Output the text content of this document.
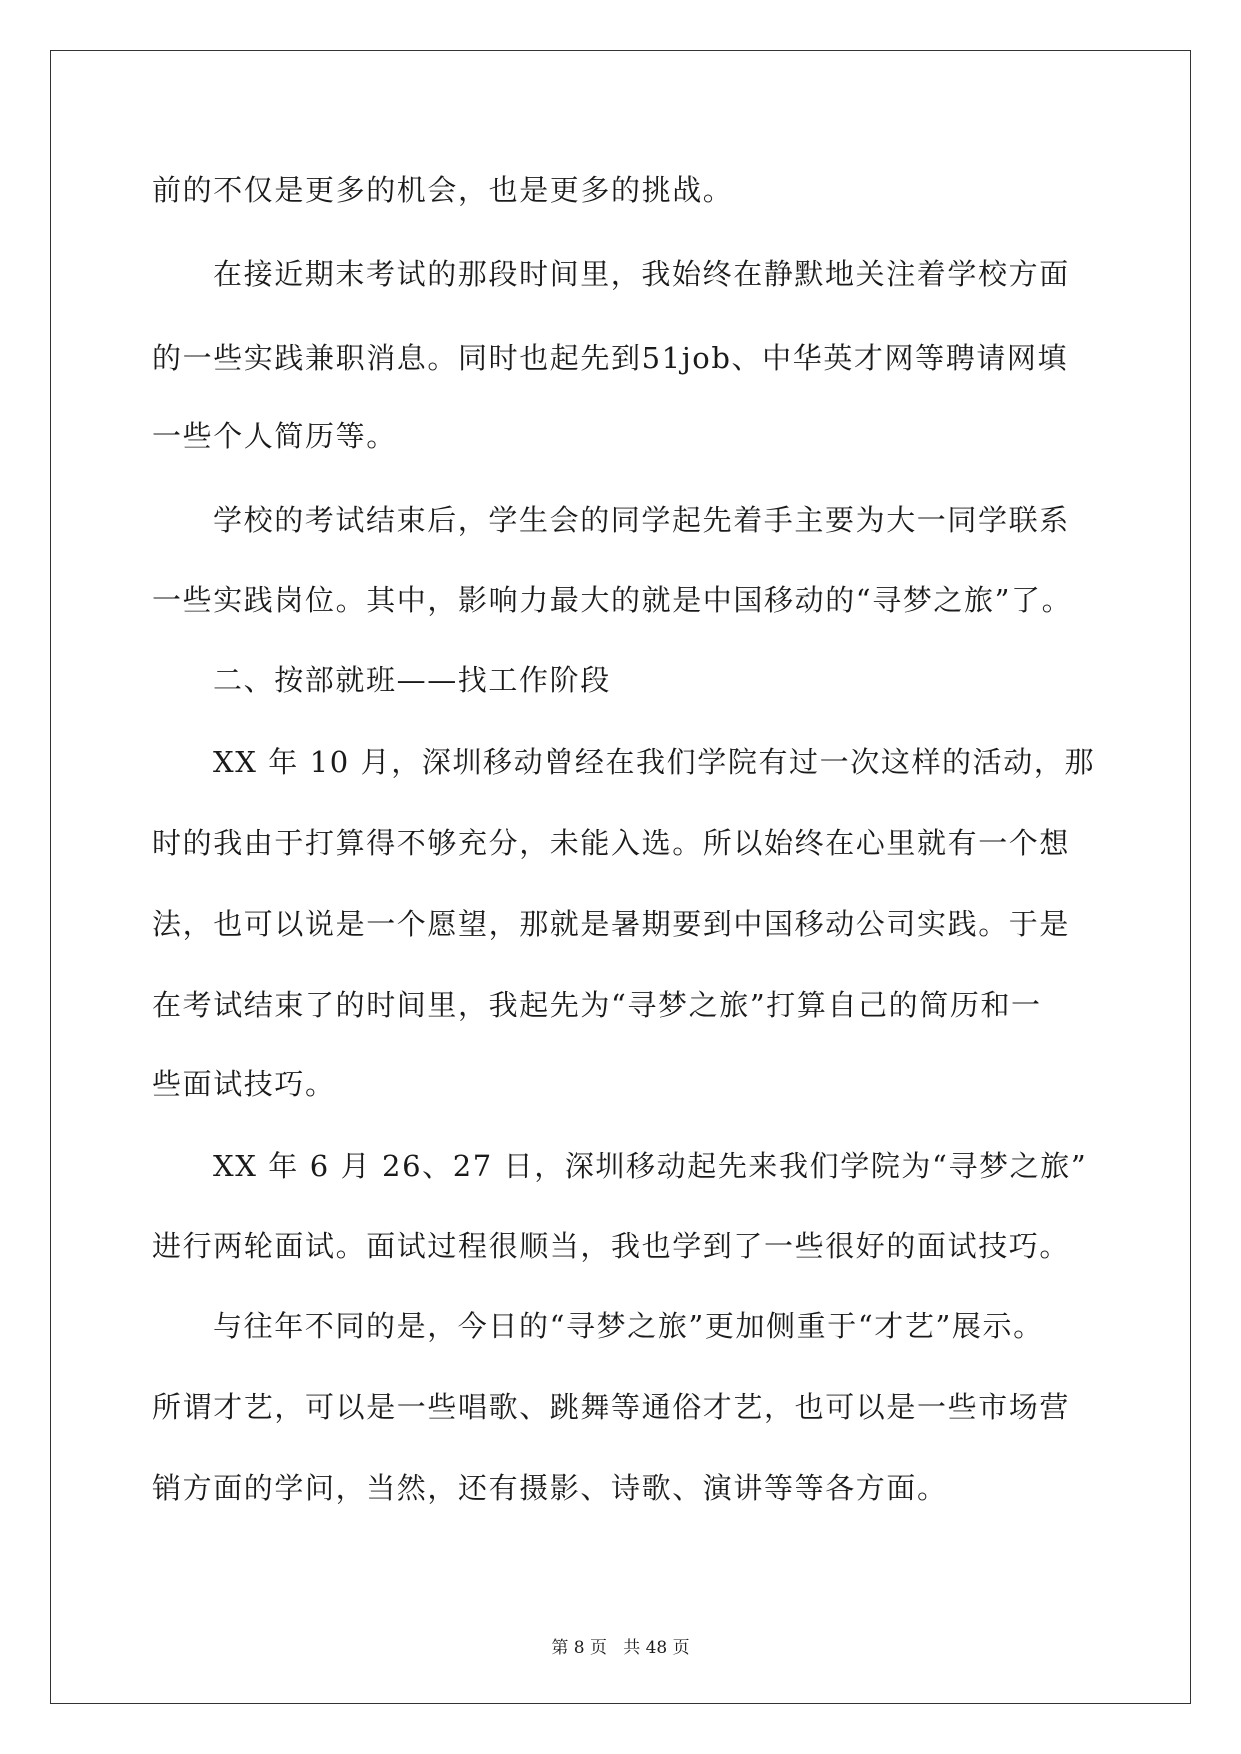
前的不仅是更多的机会，也是更多的挑战。

在接近期末考试的那段时间里，我始终在静默地关注着学校方面

的一些实践兼职消息。同时也起先到51job、中华英才网等聘请网填

一些个人简历等。

学校的考试结束后，学生会的同学起先着手主要为大一同学联系

一些实践岗位。其中，影响力最大的就是中国移动的“寻梦之旅”了。

二、按部就班——找工作阶段

XX 年 10 月，深圳移动曾经在我们学院有过一次这样的活动，那

时的我由于打算得不够充分，未能入选。所以始终在心里就有一个想

法，也可以说是一个愿望，那就是暑期要到中国移动公司实践。于是

在考试结束了的时间里，我起先为“寻梦之旅”打算自己的简历和一

些面试技巧。

XX 年 6 月 26、27 日，深圳移动起先来我们学院为“寻梦之旅”

进行两轮面试。面试过程很顺当，我也学到了一些很好的面试技巧。

与往年不同的是，今日的“寻梦之旅”更加侧重于“才艺”展示。

所谓才艺，可以是一些唱歌、跳舞等通俗才艺，也可以是一些市场营

销方面的学问，当然，还有摄影、诗歌、演讲等等各方面。

第 8 页 共 48 页
